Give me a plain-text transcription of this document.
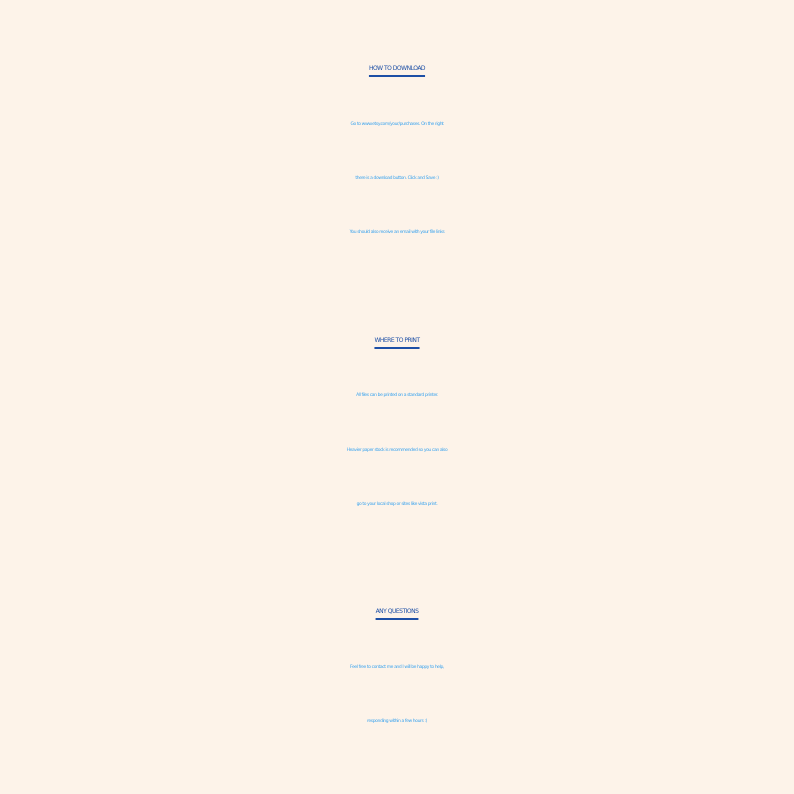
HOW TO DOWNLOAD

Go to www.etsy.com/your/purchases. On the right

there is a download button. Click and Save :)

You should also receive an email with your file links

WHERE TO PRINT

All files can be printed on a standard printer.

Heavier paper stock is recommended so you can also

go to your local shop or sites like vista print.

ANY QUESTIONS

Feel free to contact me and I will be happy to help,

responding within a few hours :)
